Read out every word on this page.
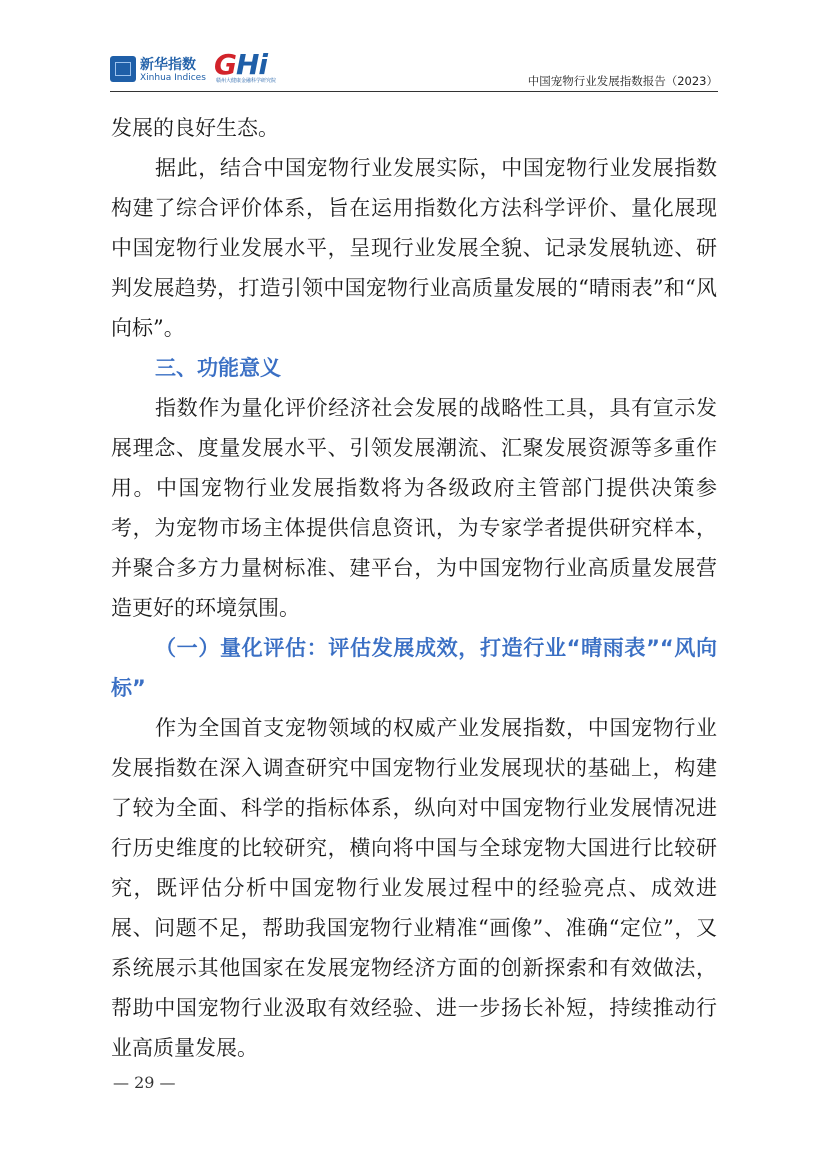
新华指数
Xinhua Indices GHi
赣州大健康金融科学研究院	中国宠物行业发展指数报告（2023）

发展的良好生态。

据此，结合中国宠物行业发展实际，中国宠物行业发展指数构建了综合评价体系，旨在运用指数化方法科学评价、量化展现中国宠物行业发展水平，呈现行业发展全貌、记录发展轨迹、研判发展趋势，打造引领中国宠物行业高质量发展的“晴雨表”和“风向标”。

三、功能意义

指数作为量化评价经济社会发展的战略性工具，具有宣示发展理念、度量发展水平、引领发展潮流、汇聚发展资源等多重作用。中国宠物行业发展指数将为各级政府主管部门提供决策参考，为宠物市场主体提供信息资讯，为专家学者提供研究样本，并聚合多方力量树标准、建平台，为中国宠物行业高质量发展营造更好的环境氛围。

（一）量化评估：评估发展成效，打造行业“晴雨表”“风向标”

作为全国首支宠物领域的权威产业发展指数，中国宠物行业发展指数在深入调查研究中国宠物行业发展现状的基础上，构建了较为全面、科学的指标体系，纵向对中国宠物行业发展情况进行历史维度的比较研究，横向将中国与全球宠物大国进行比较研究，既评估分析中国宠物行业发展过程中的经验亮点、成效进展、问题不足，帮助我国宠物行业精准“画像”、准确“定位”，又系统展示其他国家在发展宠物经济方面的创新探索和有效做法，帮助中国宠物行业汲取有效经验、进一步扬长补短，持续推动行业高质量发展。

— 29 —
